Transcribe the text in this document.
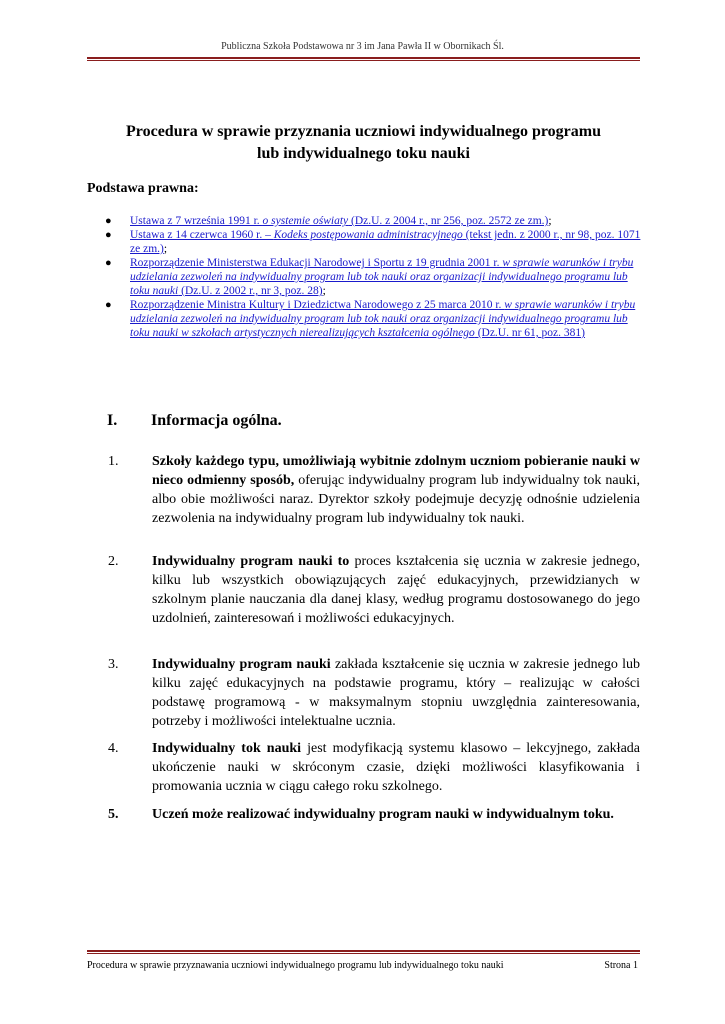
Publiczna Szkoła Podstawowa nr 3 im Jana Pawła II w Obornikach Śl.
Procedura w sprawie przyznania uczniowi indywidualnego programu
lub indywidualnego toku nauki
Podstawa prawna:
● Ustawa z 7 września 1991 r. o systemie oświaty (Dz.U. z 2004 r., nr 256, poz. 2572 ze zm.);
● Ustawa z 14 czerwca 1960 r. – Kodeks postępowania administracyjnego (tekst jedn. z 2000 r., nr 98, poz. 1071 ze zm.);
● Rozporządzenie Ministerstwa Edukacji Narodowej i Sportu z 19 grudnia 2001 r. w sprawie warunków i trybu udzielania zezwoleń na indywidualny program lub tok nauki oraz organizacji indywidualnego programu lub toku nauki (Dz.U. z 2002 r., nr 3, poz. 28);
● Rozporządzenie Ministra Kultury i Dziedzictwa Narodowego z 25 marca 2010 r. w sprawie warunków i trybu udzielania zezwoleń na indywidualny program lub tok nauki oraz organizacji indywidualnego programu lub toku nauki w szkołach artystycznych nierealizujących kształcenia ogólnego (Dz.U. nr 61, poz. 381)
I. Informacja ogólna.
1. Szkoły każdego typu, umożliwiają wybitnie zdolnym uczniom pobieranie nauki w nieco odmienny sposób, oferując indywidualny program lub indywidualny tok nauki, albo obie możliwości naraz. Dyrektor szkoły podejmuje decyzję odnośnie udzielenia zezwolenia na indywidualny program lub indywidualny tok nauki.
2. Indywidualny program nauki to proces kształcenia się ucznia w zakresie jednego, kilku lub wszystkich obowiązujących zajęć edukacyjnych, przewidzianych w szkolnym planie nauczania dla danej klasy, według programu dostosowanego do jego uzdolnień, zainteresowań i możliwości edukacyjnych.
3. Indywidualny program nauki zakłada kształcenie się ucznia w zakresie jednego lub kilku zajęć edukacyjnych na podstawie programu, który – realizując w całości podstawę programową - w maksymalnym stopniu uwzględnia zainteresowania, potrzeby i możliwości intelektualne ucznia.
4. Indywidualny tok nauki jest modyfikacją systemu klasowo – lekcyjnego, zakłada ukończenie nauki w skróconym czasie, dzięki możliwości klasyfikowania i promowania ucznia w ciągu całego roku szkolnego.
5. Uczeń może realizować indywidualny program nauki w indywidualnym toku.
Procedura w sprawie przyznawania uczniowi indywidualnego programu lub indywidualnego toku nauki	Strona 1
